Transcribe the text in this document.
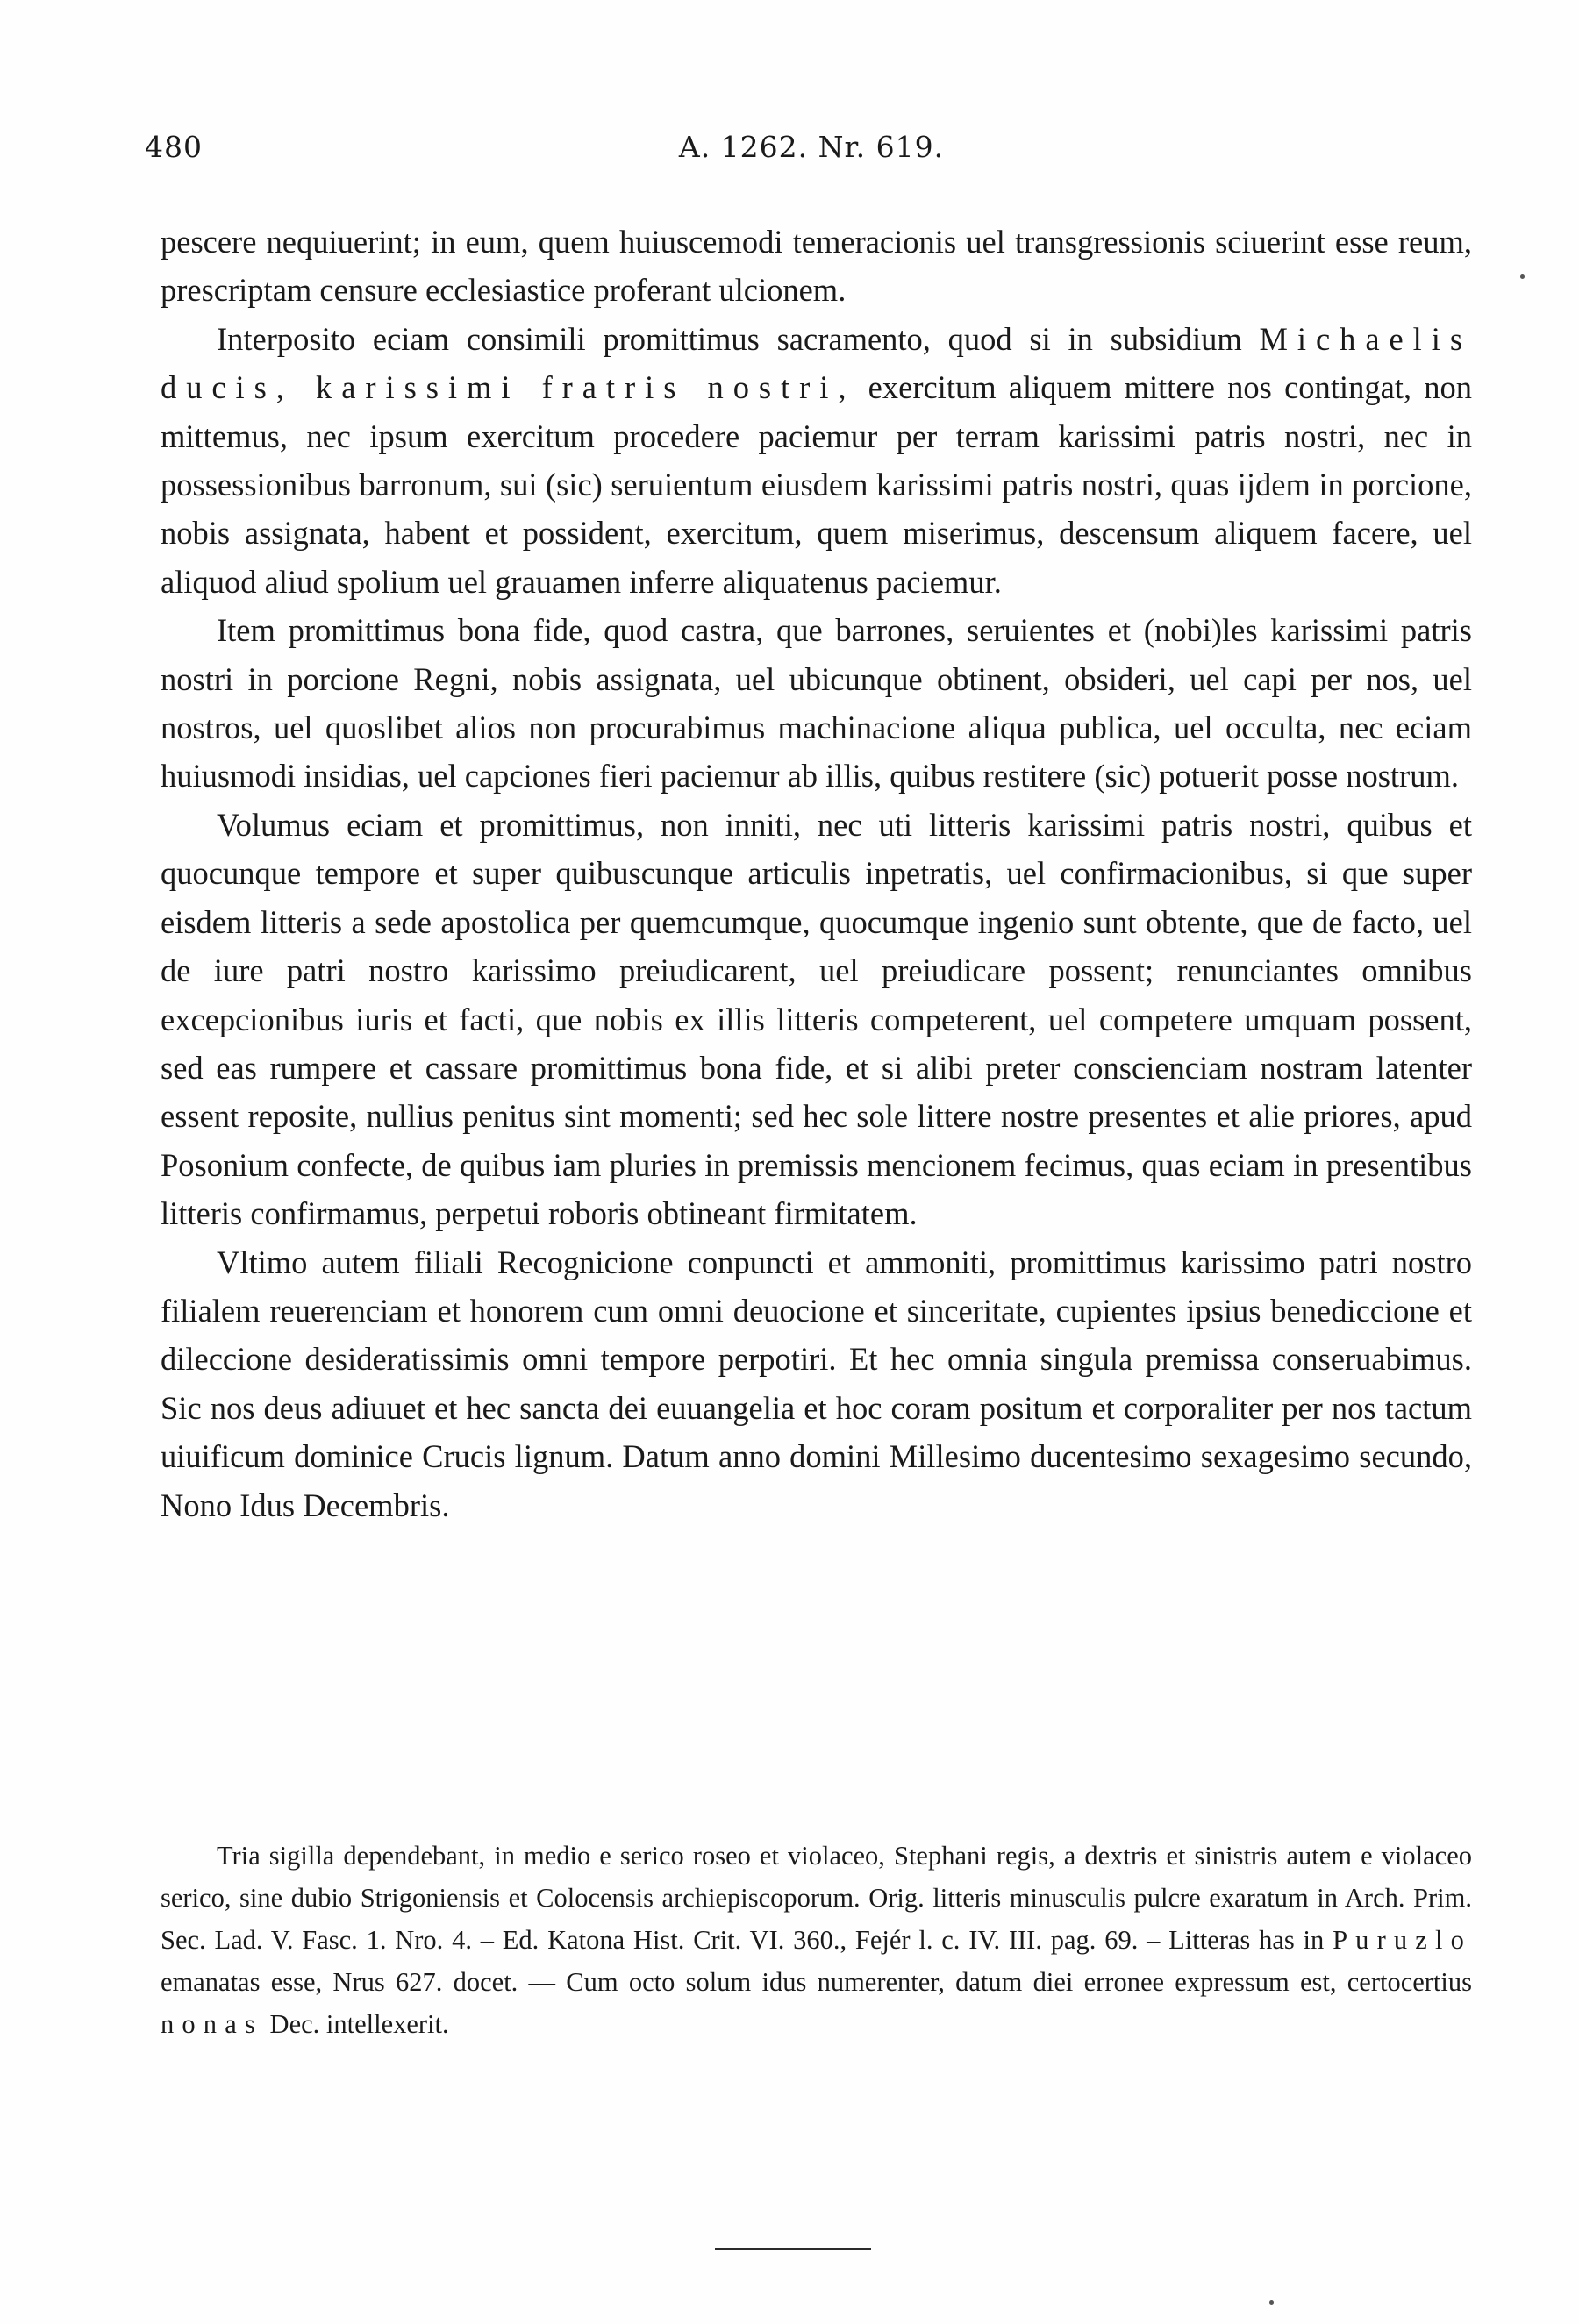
480	A. 1262. Nr. 619.

pescere nequiuerint; in eum, quem huiuscemodi temeracionis uel transgressionis sciuerint esse reum, prescriptam censure ecclesiastice proferant ulcionem.

Interposito eciam consimili promittimus sacramento, quod si in subsidium Michaelis ducis, karissimi fratris nostri, exercitum aliquem mittere nos contingat, non mittemus, nec ipsum exercitum procedere paciemur per terram karissimi patris nostri, nec in possessionibus barronum, sui (sic) seruientum eiusdem karissimi patris nostri, quas ijdem in porcione, nobis assignata, habent et possident, exercitum, quem miserimus, descensum aliquem facere, uel aliquod aliud spolium uel grauamen inferre aliquatenus paciemur.

Item promittimus bona fide, quod castra, que barrones, seruientes et (nobi)les karissimi patris nostri in porcione Regni, nobis assignata, uel ubicunque obtinent, obsideri, uel capi per nos, uel nostros, uel quoslibet alios non procurabimus machinacione aliqua publica, uel occulta, nec eciam huiusmodi insidias, uel capciones fieri paciemur ab illis, quibus restitere (sic) potuerit posse nostrum.

Volumus eciam et promittimus, non inniti, nec uti litteris karissimi patris nostri, quibus et quocunque tempore et super quibuscunque articulis inpetratis, uel confirmacionibus, si que super eisdem litteris a sede apostolica per quemcumque, quocumque ingenio sunt obtente, que de facto, uel de iure patri nostro karissimo preiudicarent, uel preiudicare possent; renunciantes omnibus excepcionibus iuris et facti, que nobis ex illis litteris competerent, uel competere umquam possent, sed eas rumpere et cassare promittimus bona fide, et si alibi preter conscienciam nostram latenter essent reposite, nullius penitus sint momenti; sed hec sole littere nostre presentes et alie priores, apud Posonium confecte, de quibus iam pluries in premissis mencionem fecimus, quas eciam in presentibus litteris confirmamus, perpetui roboris obtineant firmitatem.

Vltimo autem filiali Recognicione conpuncti et ammoniti, promittimus karissimo patri nostro filialem reuerenciam et honorem cum omni deuocione et sinceritate, cupientes ipsius benediccione et dileccione desideratissimis omni tempore perpotiri. Et hec omnia singula premissa conseruabimus. Sic nos deus adiuuet et hec sancta dei euuangelia et hoc coram positum et corporaliter per nos tactum uiuificum dominice Crucis lignum. Datum anno domini Millesimo ducentesimo sexagesimo secundo, Nono Idus Decembris.

Tria sigilla dependebant, in medio e serico roseo et violaceo, Stephani regis, a dextris et sinistris autem e violaceo serico, sine dubio Strigoniensis et Colocensis archiepiscoporum. Orig. litteris minusculis pulcre exaratum in Arch. Prim. Sec. Lad. V. Fasc. 1. Nro. 4. – Ed. Katona Hist. Crit. VI. 360., Fejér l. c. IV. III. pag. 69. – Litteras has in Puruzlo emanatas esse, Nrus 627. docet. — Cum octo solum idus numerenter, datum diei erronee expressum est, certocertius nonas Dec. intellexerit.
